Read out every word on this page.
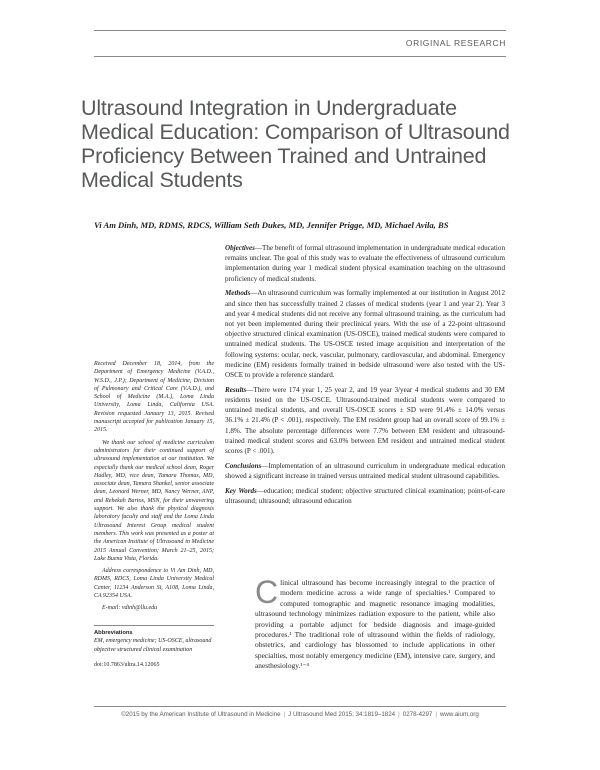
ORIGINAL RESEARCH
Ultrasound Integration in Undergraduate Medical Education: Comparison of Ultrasound Proficiency Between Trained and Untrained Medical Students
Vi Am Dinh, MD, RDMS, RDCS, William Seth Dukes, MD, Jennifer Prigge, MD, Michael Avila, BS

Objectives—The benefit of formal ultrasound implementation in undergraduate medical education remains unclear. The goal of this study was to evaluate the effectiveness of ultrasound curriculum implementation during year 1 medical student physical examination teaching on the ultrasound proficiency of medical students.

Methods—An ultrasound curriculum was formally implemented at our institution in August 2012 and since then has successfully trained 2 classes of medical students (year 1 and year 2). Year 3 and year 4 medical students did not receive any formal ultrasound training, as the curriculum had not yet been implemented during their preclinical years. With the use of a 22-point ultrasound objective structured clinical examination (US-OSCE), trained medical students were compared to untrained medical students. The US-OSCE tested image acquisition and interpretation of the following systems: ocular, neck, vascular, pulmonary, cardiovascular, and abdominal. Emergency medicine (EM) residents formally trained in bedside ultrasound were also tested with the US-OSCE to provide a reference standard.

Results—There were 174 year 1, 25 year 2, and 19 year 3/year 4 medical students and 30 EM residents tested on the US-OSCE. Ultrasound-trained medical students were compared to untrained medical students, and overall US-OSCE scores ± SD were 91.4% ± 14.0% versus 36.1% ± 21.4% (P < .001), respectively. The EM resident group had an overall score of 99.1% ± 1.8%. The absolute percentage differences were 7.7% between EM resident and ultrasound-trained medical student scores and 63.0% between EM resident and untrained medical student scores (P < .001).

Conclusions—Implementation of an ultrasound curriculum in undergraduate medical education showed a significant increase in trained versus untrained medical student ultrasound capabilities.

Key Words—education; medical student; objective structured clinical examination; point-of-care ultrasound; ultrasound; ultrasound education

Received December 18, 2014, from the Department of Emergency Medicine (V.A.D., W.S.D., J.P.); Department of Medicine, Division of Pulmonary and Critical Care (V.A.D.), and School of Medicine (M.A.), Loma Linda University, Loma Linda, California USA. Revision requested January 13, 2015. Revised manuscript accepted for publication January 15, 2015.

We thank our school of medicine curriculum administrators for their continued support of ultrasound implementation at our institution. We especially thank our medical school dean, Roger Hadley, MD, vice dean, Tamara Thomas, MD, associate dean, Tamara Shankel, senior associate dean, Leonard Werner, MD, Nancy Werner, ANP, and Rebekah Bartos, MSN, for their unwavering support. We also thank the physical diagnosis laboratory faculty and staff and the Loma Linda Ultrasound Interest Group medical student members. This work was presented as a poster at the American Institute of Ultrasound in Medicine 2015 Annual Convention; March 21–25, 2015; Lake Buena Vista, Florida.

Address correspondence to Vi Am Dinh, MD, RDMS, RDCS, Loma Linda University Medical Center, 11234 Anderson St, A108, Loma Linda, CA 92354 USA.

E-mail: vdinh@llu.edu

Abbreviations
EM, emergency medicine; US-OSCE, ultrasound objective structured clinical examination
doi:10.7863/ultra.14.12065
Clinical ultrasound has become increasingly integral to the practice of modern medicine across a wide range of specialties.¹ Compared to computed tomographic and magnetic resonance imaging modalities, ultrasound technology minimizes radiation exposure to the patient, while also providing a portable adjunct for bedside diagnosis and image-guided procedures.¹ The traditional role of ultrasound within the fields of radiology, obstetrics, and cardiology has blossomed to include applications in other specialties, most notably emergency medicine (EM), intensive care, surgery, and anesthesiology.¹⁻⁴
©2015 by the American Institute of Ultrasound in Medicine | J Ultrasound Med 2015; 34:1819–1824 | 0278-4297 | www.aium.org
